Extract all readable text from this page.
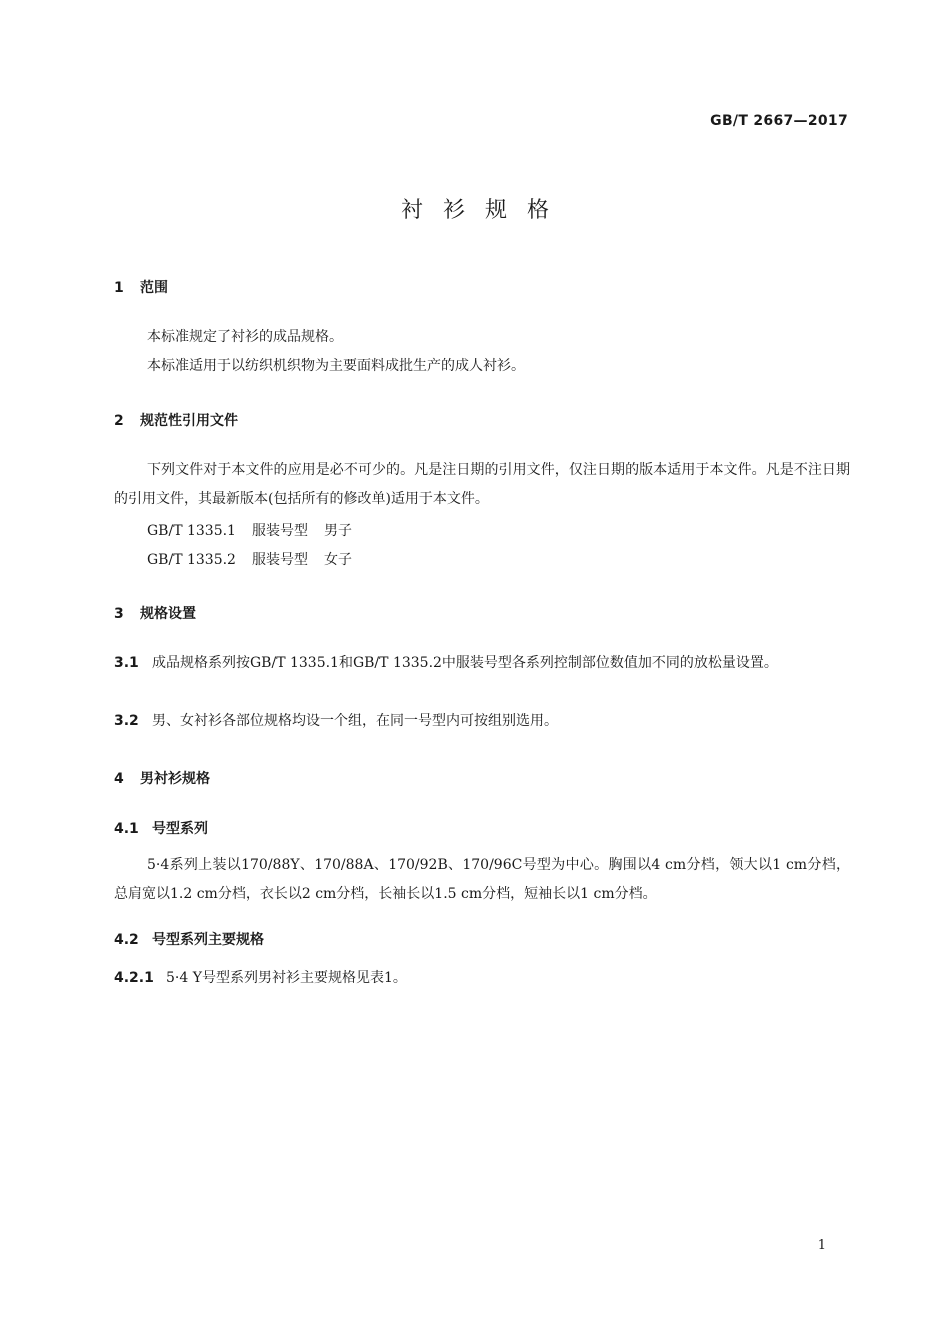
GB/T 2667—2017
衬衫规格
1 范围
本标准规定了衬衫的成品规格。
本标准适用于以纺织机织物为主要面料成批生产的成人衬衫。
2 规范性引用文件
下列文件对于本文件的应用是必不可少的。凡是注日期的引用文件，仅注日期的版本适用于本文件。凡是不注日期的引用文件，其最新版本(包括所有的修改单)适用于本文件。
GB/T 1335.1 服装号型 男子
GB/T 1335.2 服装号型 女子
3 规格设置
3.1 成品规格系列按GB/T 1335.1和GB/T 1335.2中服装号型各系列控制部位数值加不同的放松量设置。
3.2 男、女衬衫各部位规格均设一个组，在同一号型内可按组别选用。
4 男衬衫规格
4.1 号型系列
5·4系列上装以170/88Y、170/88A、170/92B、170/96C号型为中心。胸围以4 cm分档，领大以1 cm分档，总肩宽以1.2 cm分档，衣长以2 cm分档，长袖长以1.5 cm分档，短袖长以1 cm分档。
4.2 号型系列主要规格
4.2.1 5·4 Y号型系列男衬衫主要规格见表1。
1
